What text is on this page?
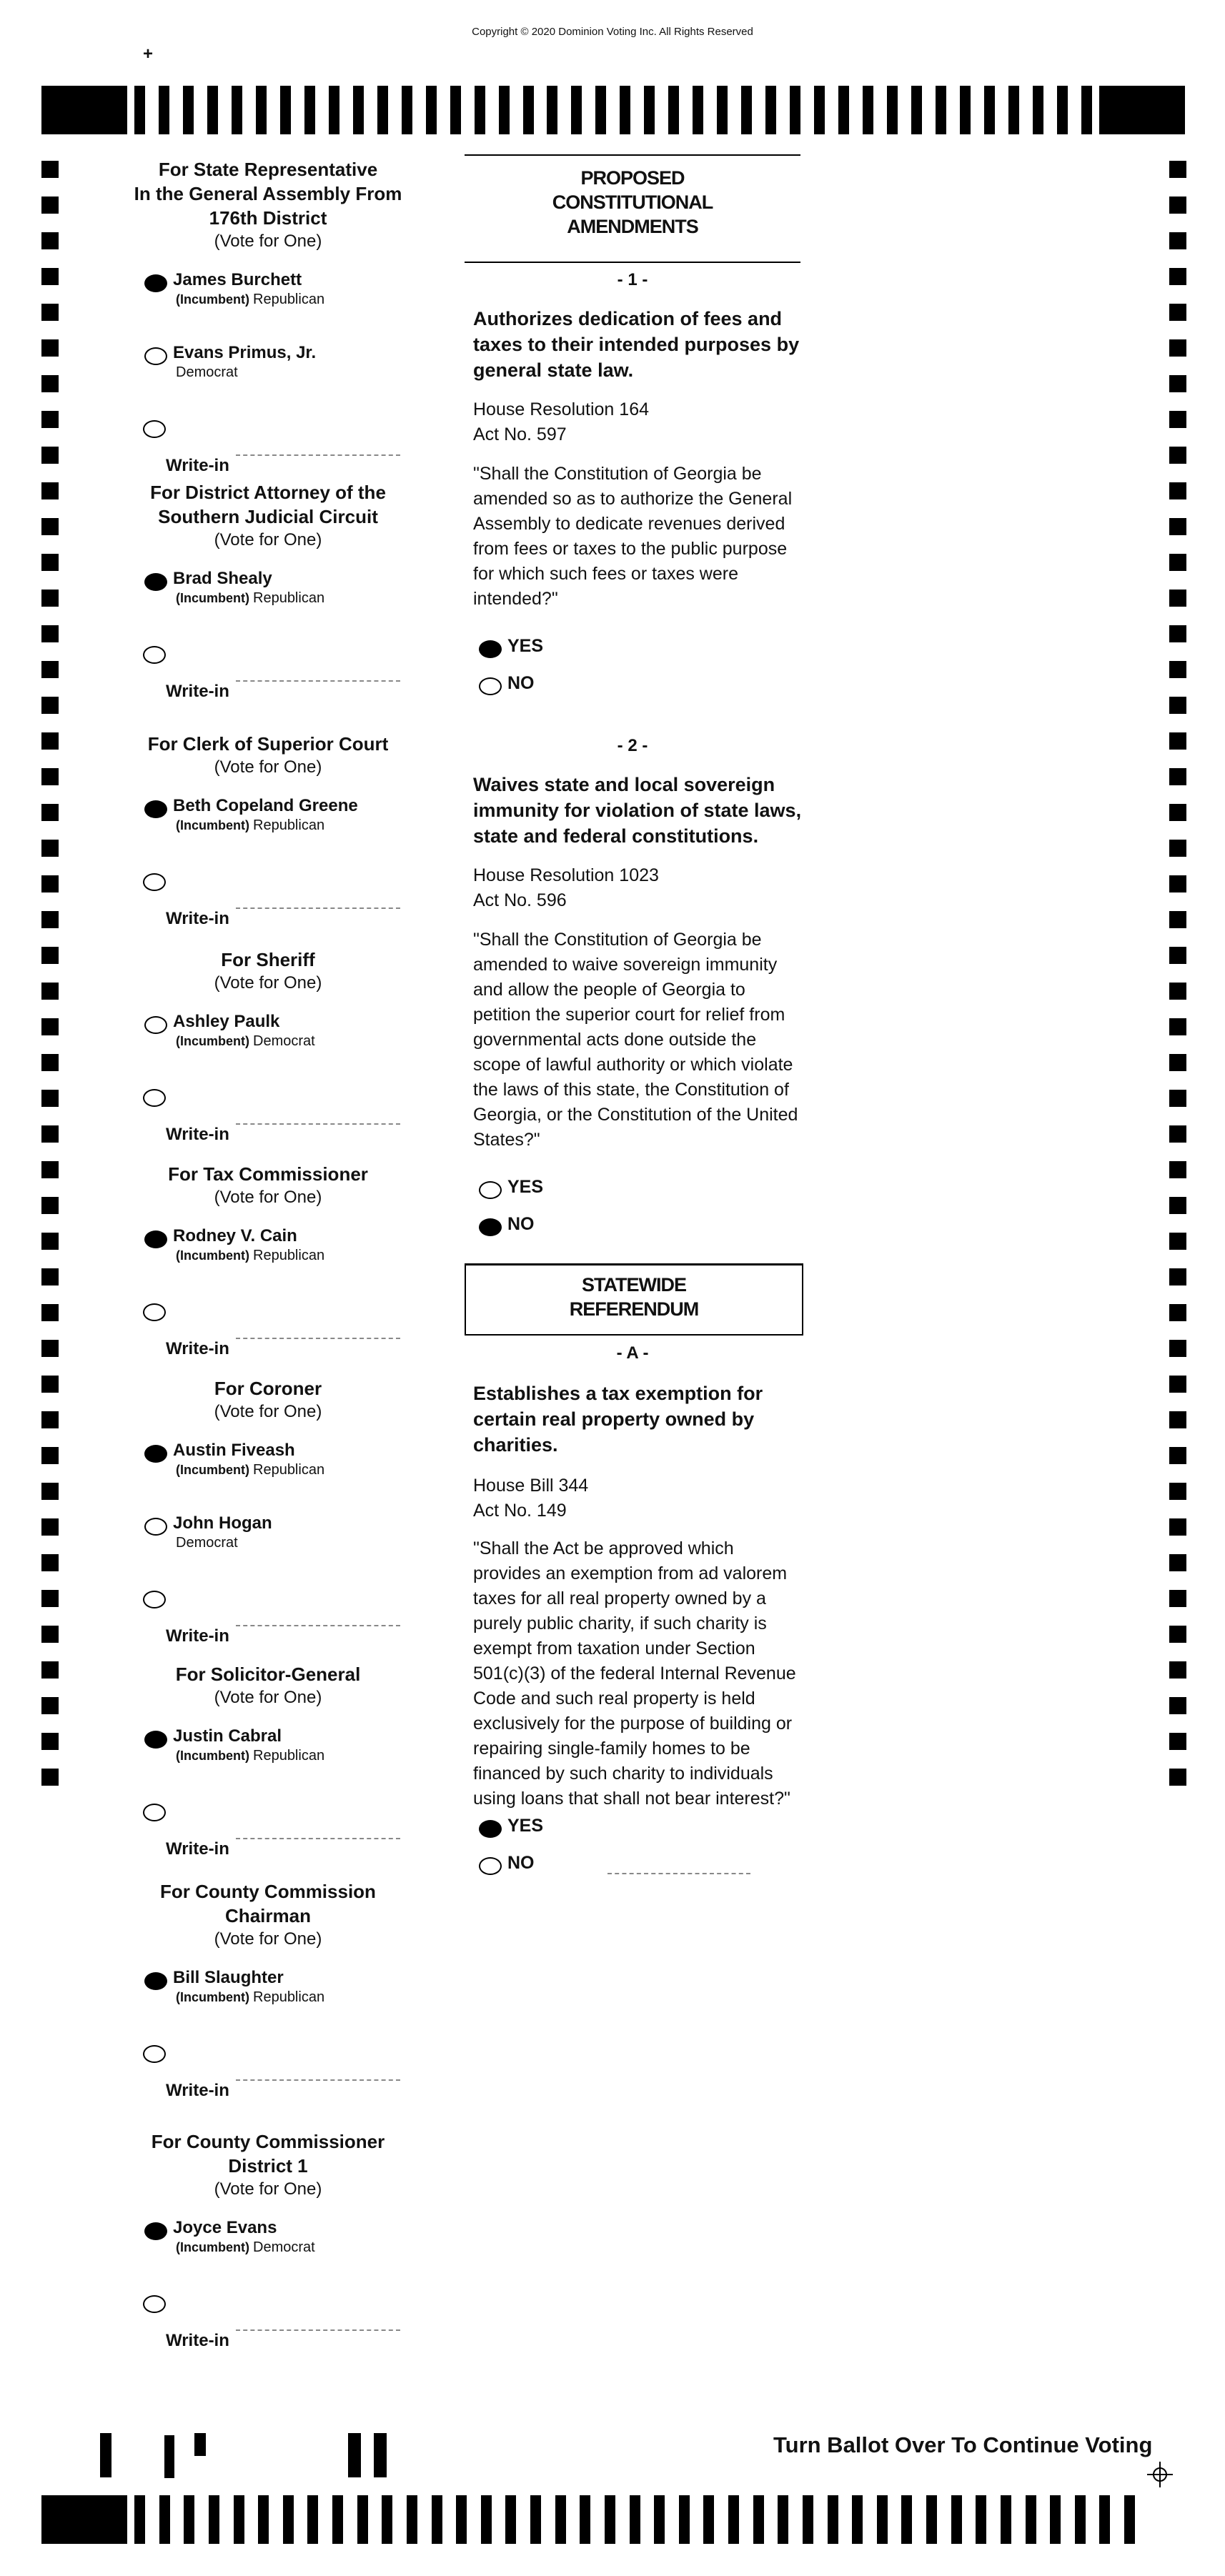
Copyright © 2020 Dominion Voting Inc. All Rights Reserved
+
For State Representative
In the General Assembly From
176th District
(Vote for One)
James Burchett
(Incumbent) Republican
Evans Primus, Jr.
Democrat
Write-in
For District Attorney of the
Southern Judicial Circuit
(Vote for One)
Brad Shealy
(Incumbent) Republican
Write-in
For Clerk of Superior Court
(Vote for One)
Beth Copeland Greene
(Incumbent) Republican
Write-in
For Sheriff
(Vote for One)
Ashley Paulk
(Incumbent) Democrat
Write-in
For Tax Commissioner
(Vote for One)
Rodney V. Cain
(Incumbent) Republican
Write-in
For Coroner
(Vote for One)
Austin Fiveash
(Incumbent) Republican
John Hogan
Democrat
Write-in
For Solicitor-General
(Vote for One)
Justin Cabral
(Incumbent) Republican
Write-in
For County Commission
Chairman
(Vote for One)
Bill Slaughter
(Incumbent) Republican
Write-in
For County Commissioner
District 1
(Vote for One)
Joyce Evans
(Incumbent) Democrat
Write-in
PROPOSED
CONSTITUTIONAL
AMENDMENTS
- 1 -
Authorizes dedication of fees and
taxes to their intended purposes by
general state law.
House Resolution 164
Act No. 597
"Shall the Constitution of Georgia be
amended so as to authorize the General
Assembly to dedicate revenues derived
from fees or taxes to the public purpose
for which such fees or taxes were
intended?"
YES
NO
- 2 -
Waives state and local sovereign
immunity for violation of state laws,
state and federal constitutions.
House Resolution 1023
Act No. 596
"Shall the Constitution of Georgia be
amended to waive sovereign immunity
and allow the people of Georgia to
petition the superior court for relief from
governmental acts done outside the
scope of lawful authority or which violate
the laws of this state, the Constitution of
Georgia, or the Constitution of the United
States?"
YES
NO
STATEWIDE
REFERENDUM
- A -
Establishes a tax exemption for
certain real property owned by
charities.
House Bill 344
Act No. 149
"Shall the Act be approved which
provides an exemption from ad valorem
taxes for all real property owned by a
purely public charity, if such charity is
exempt from taxation under Section
501(c)(3) of the federal Internal Revenue
Code and such real property is held
exclusively for the purpose of building or
repairing single-family homes to be
financed by such charity to individuals
using loans that shall not bear interest?"
YES
NO
Turn Ballot Over To Continue Voting
